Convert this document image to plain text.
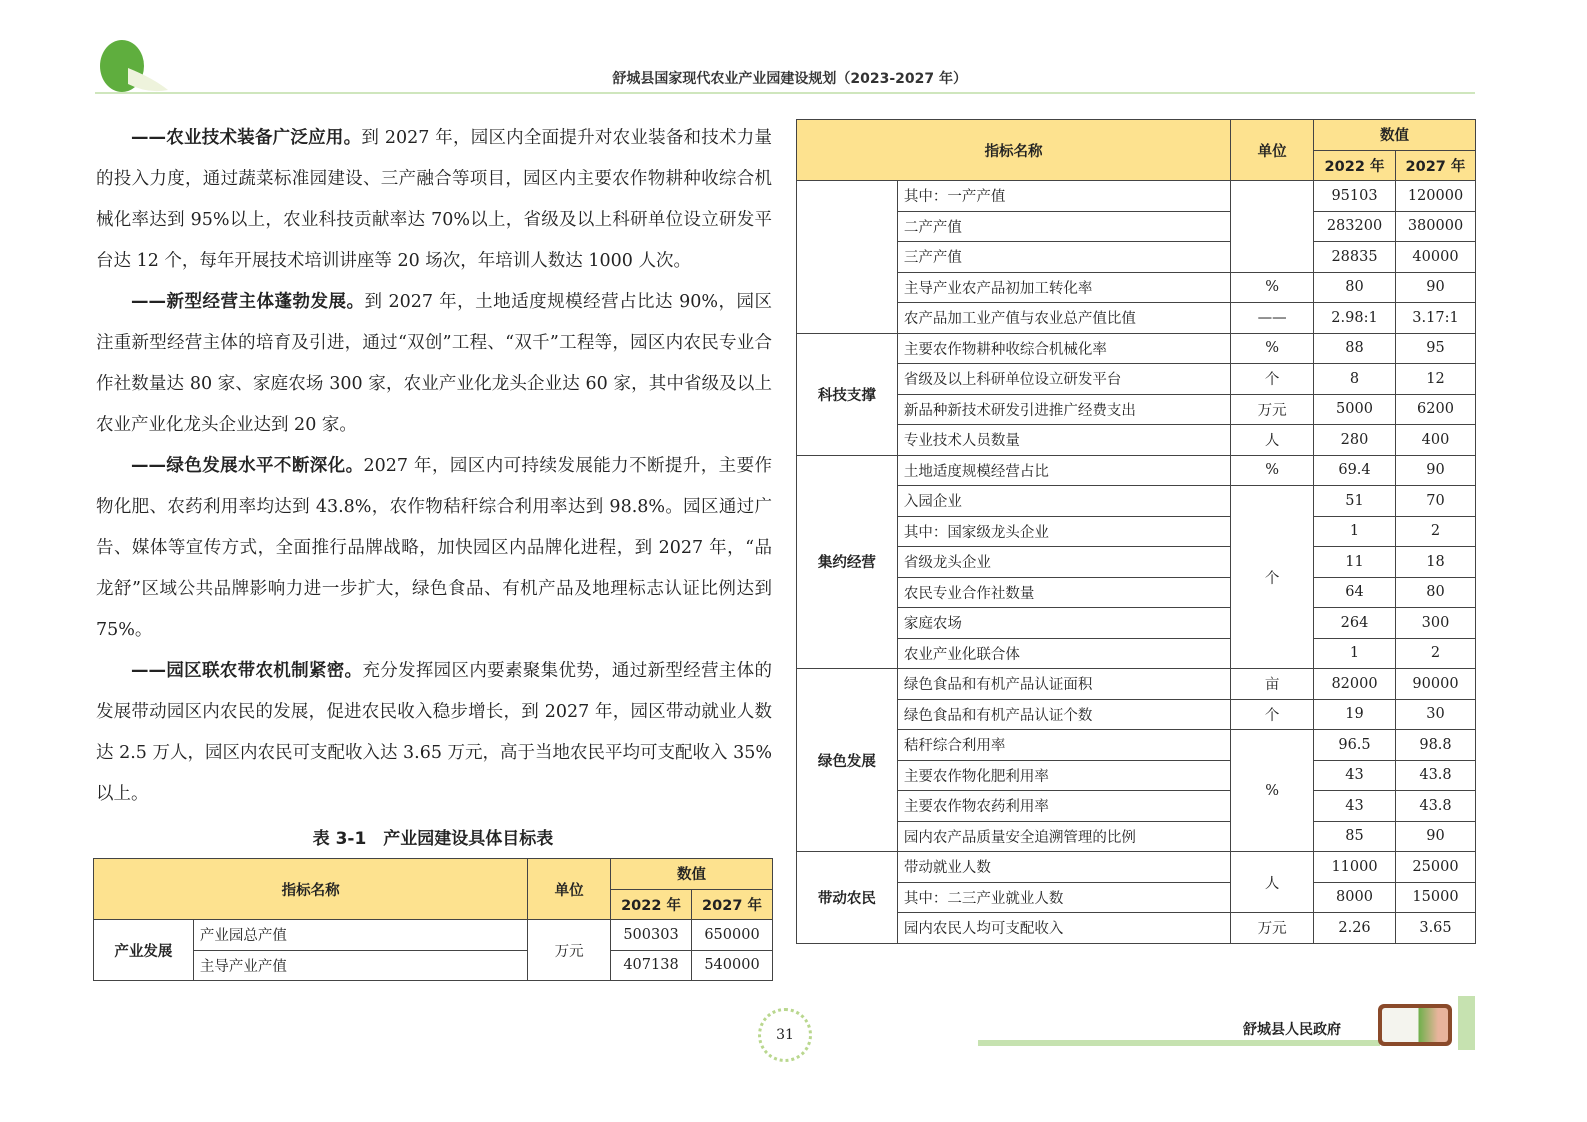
舒城县国家现代农业产业园建设规划（2023-2027 年）

——农业技术装备广泛应用。到 2027 年，园区内全面提升对农业装备和技术力量的投入力度，通过蔬菜标准园建设、三产融合等项目，园区内主要农作物耕种收综合机械化率达到 95%以上，农业科技贡献率达 70%以上，省级及以上科研单位设立研发平台达 12 个，每年开展技术培训讲座等 20 场次，年培训人数达 1000 人次。

——新型经营主体蓬勃发展。到 2027 年，土地适度规模经营占比达 90%，园区注重新型经营主体的培育及引进，通过“双创”工程、“双千”工程等，园区内农民专业合作社数量达 80 家、家庭农场 300 家，农业产业化龙头企业达 60 家，其中省级及以上农业产业化龙头企业达到 20 家。

——绿色发展水平不断深化。2027 年，园区内可持续发展能力不断提升，主要作物化肥、农药利用率均达到 43.8%，农作物秸秆综合利用率达到 98.8%。园区通过广告、媒体等宣传方式，全面推行品牌战略，加快园区内品牌化进程，到 2027 年，“品龙舒”区域公共品牌影响力进一步扩大，绿色食品、有机产品及地理标志认证比例达到 75%。

——园区联农带农机制紧密。充分发挥园区内要素聚集优势，通过新型经营主体的发展带动园区内农民的发展，促进农民收入稳步增长，到 2027 年，园区带动就业人数达 2.5 万人，园区内农民可支配收入达 3.65 万元，高于当地农民平均可支配收入 35%以上。

表 3-1　产业园建设具体目标表
指标名称		单位	数值	
			2022 年	2027 年
产业发展	产业园总产值	万元	500303	650000
	主导产业产值		407138	540000
指标名称		单位	数值	
			2022 年	2027 年
	其中：一产产值		95103	120000
	二产产值		283200	380000
	三产产值		28835	40000
	主导产业农产品初加工转化率	%	80	90
	农产品加工业产值与农业总产值比值	——	2.98:1	3.17:1
科技支撑	主要农作物耕种收综合机械化率	%	88	95
	省级及以上科研单位设立研发平台	个	8	12
	新品种新技术研发引进推广经费支出	万元	5000	6200
	专业技术人员数量	人	280	400
集约经营	土地适度规模经营占比	%	69.4	90
	入园企业	个	51	70
	其中：国家级龙头企业		1	2
	省级龙头企业		11	18
	农民专业合作社数量		64	80
	家庭农场		264	300
	农业产业化联合体		1	2
绿色发展	绿色食品和有机产品认证面积	亩	82000	90000
	绿色食品和有机产品认证个数	个	19	30
	秸秆综合利用率	%	96.5	98.8
	主要农作物化肥利用率		43	43.8
	主要农作物农药利用率		43	43.8
	园内农产品质量安全追溯管理的比例		85	90
带动农民	带动就业人数	人	11000	25000
	其中：二三产业就业人数		8000	15000
	园内农民人均可支配收入	万元	2.26	3.65
31	舒城县人民政府
